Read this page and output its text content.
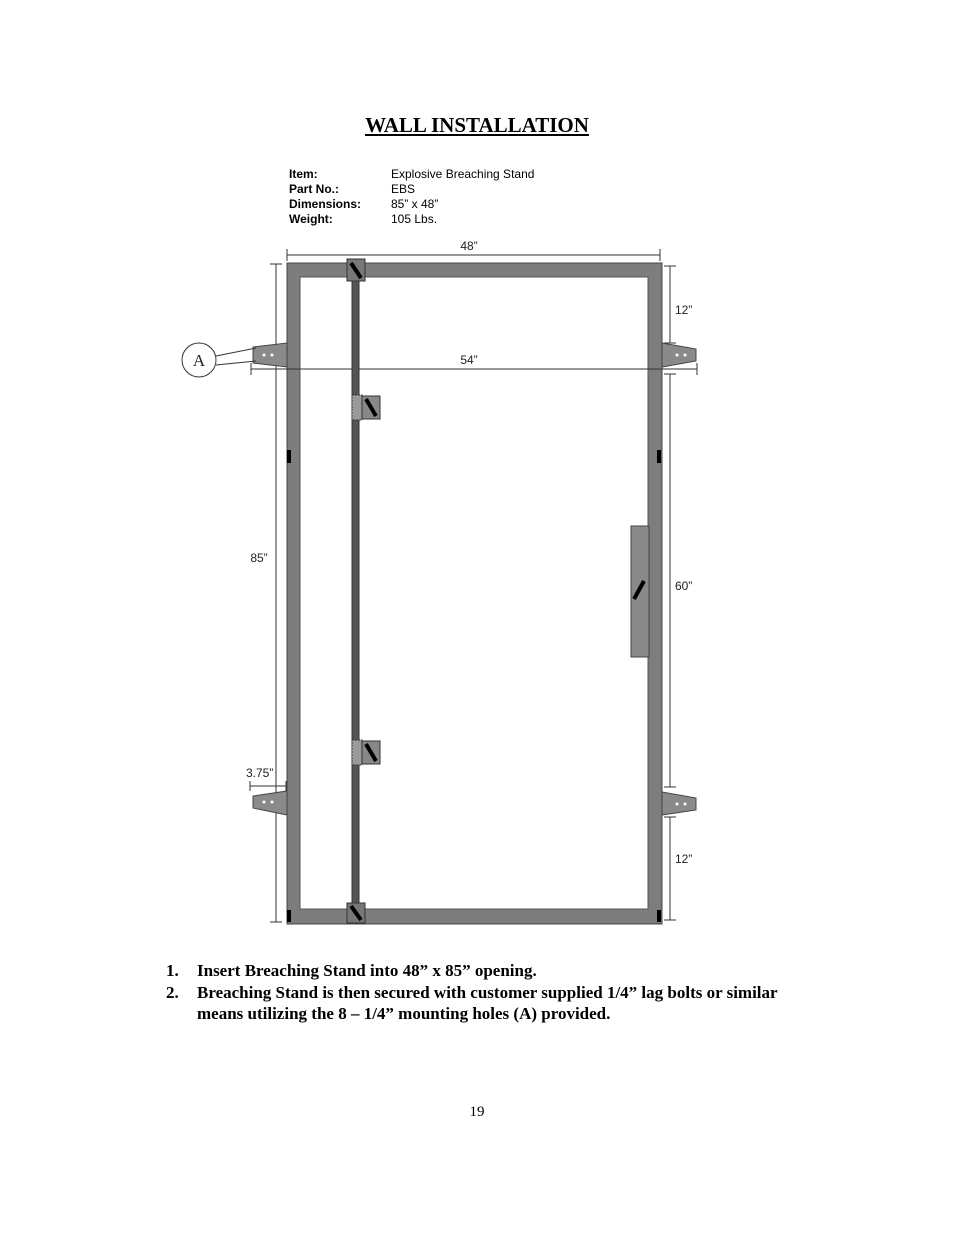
WALL INSTALLATION
Item:	Explosive Breaching Stand
Part No.:	EBS
Dimensions: 85” x 48”
Weight:	105 Lbs.
48”
85”
12”
60”
12”
54”
3.75”
A
1. Insert Breaching Stand into 48” x 85” opening.
2. Breaching Stand is then secured with customer supplied 1/4” lag bolts or similar means utilizing the 8 – 1/4” mounting holes (A) provided.
19
